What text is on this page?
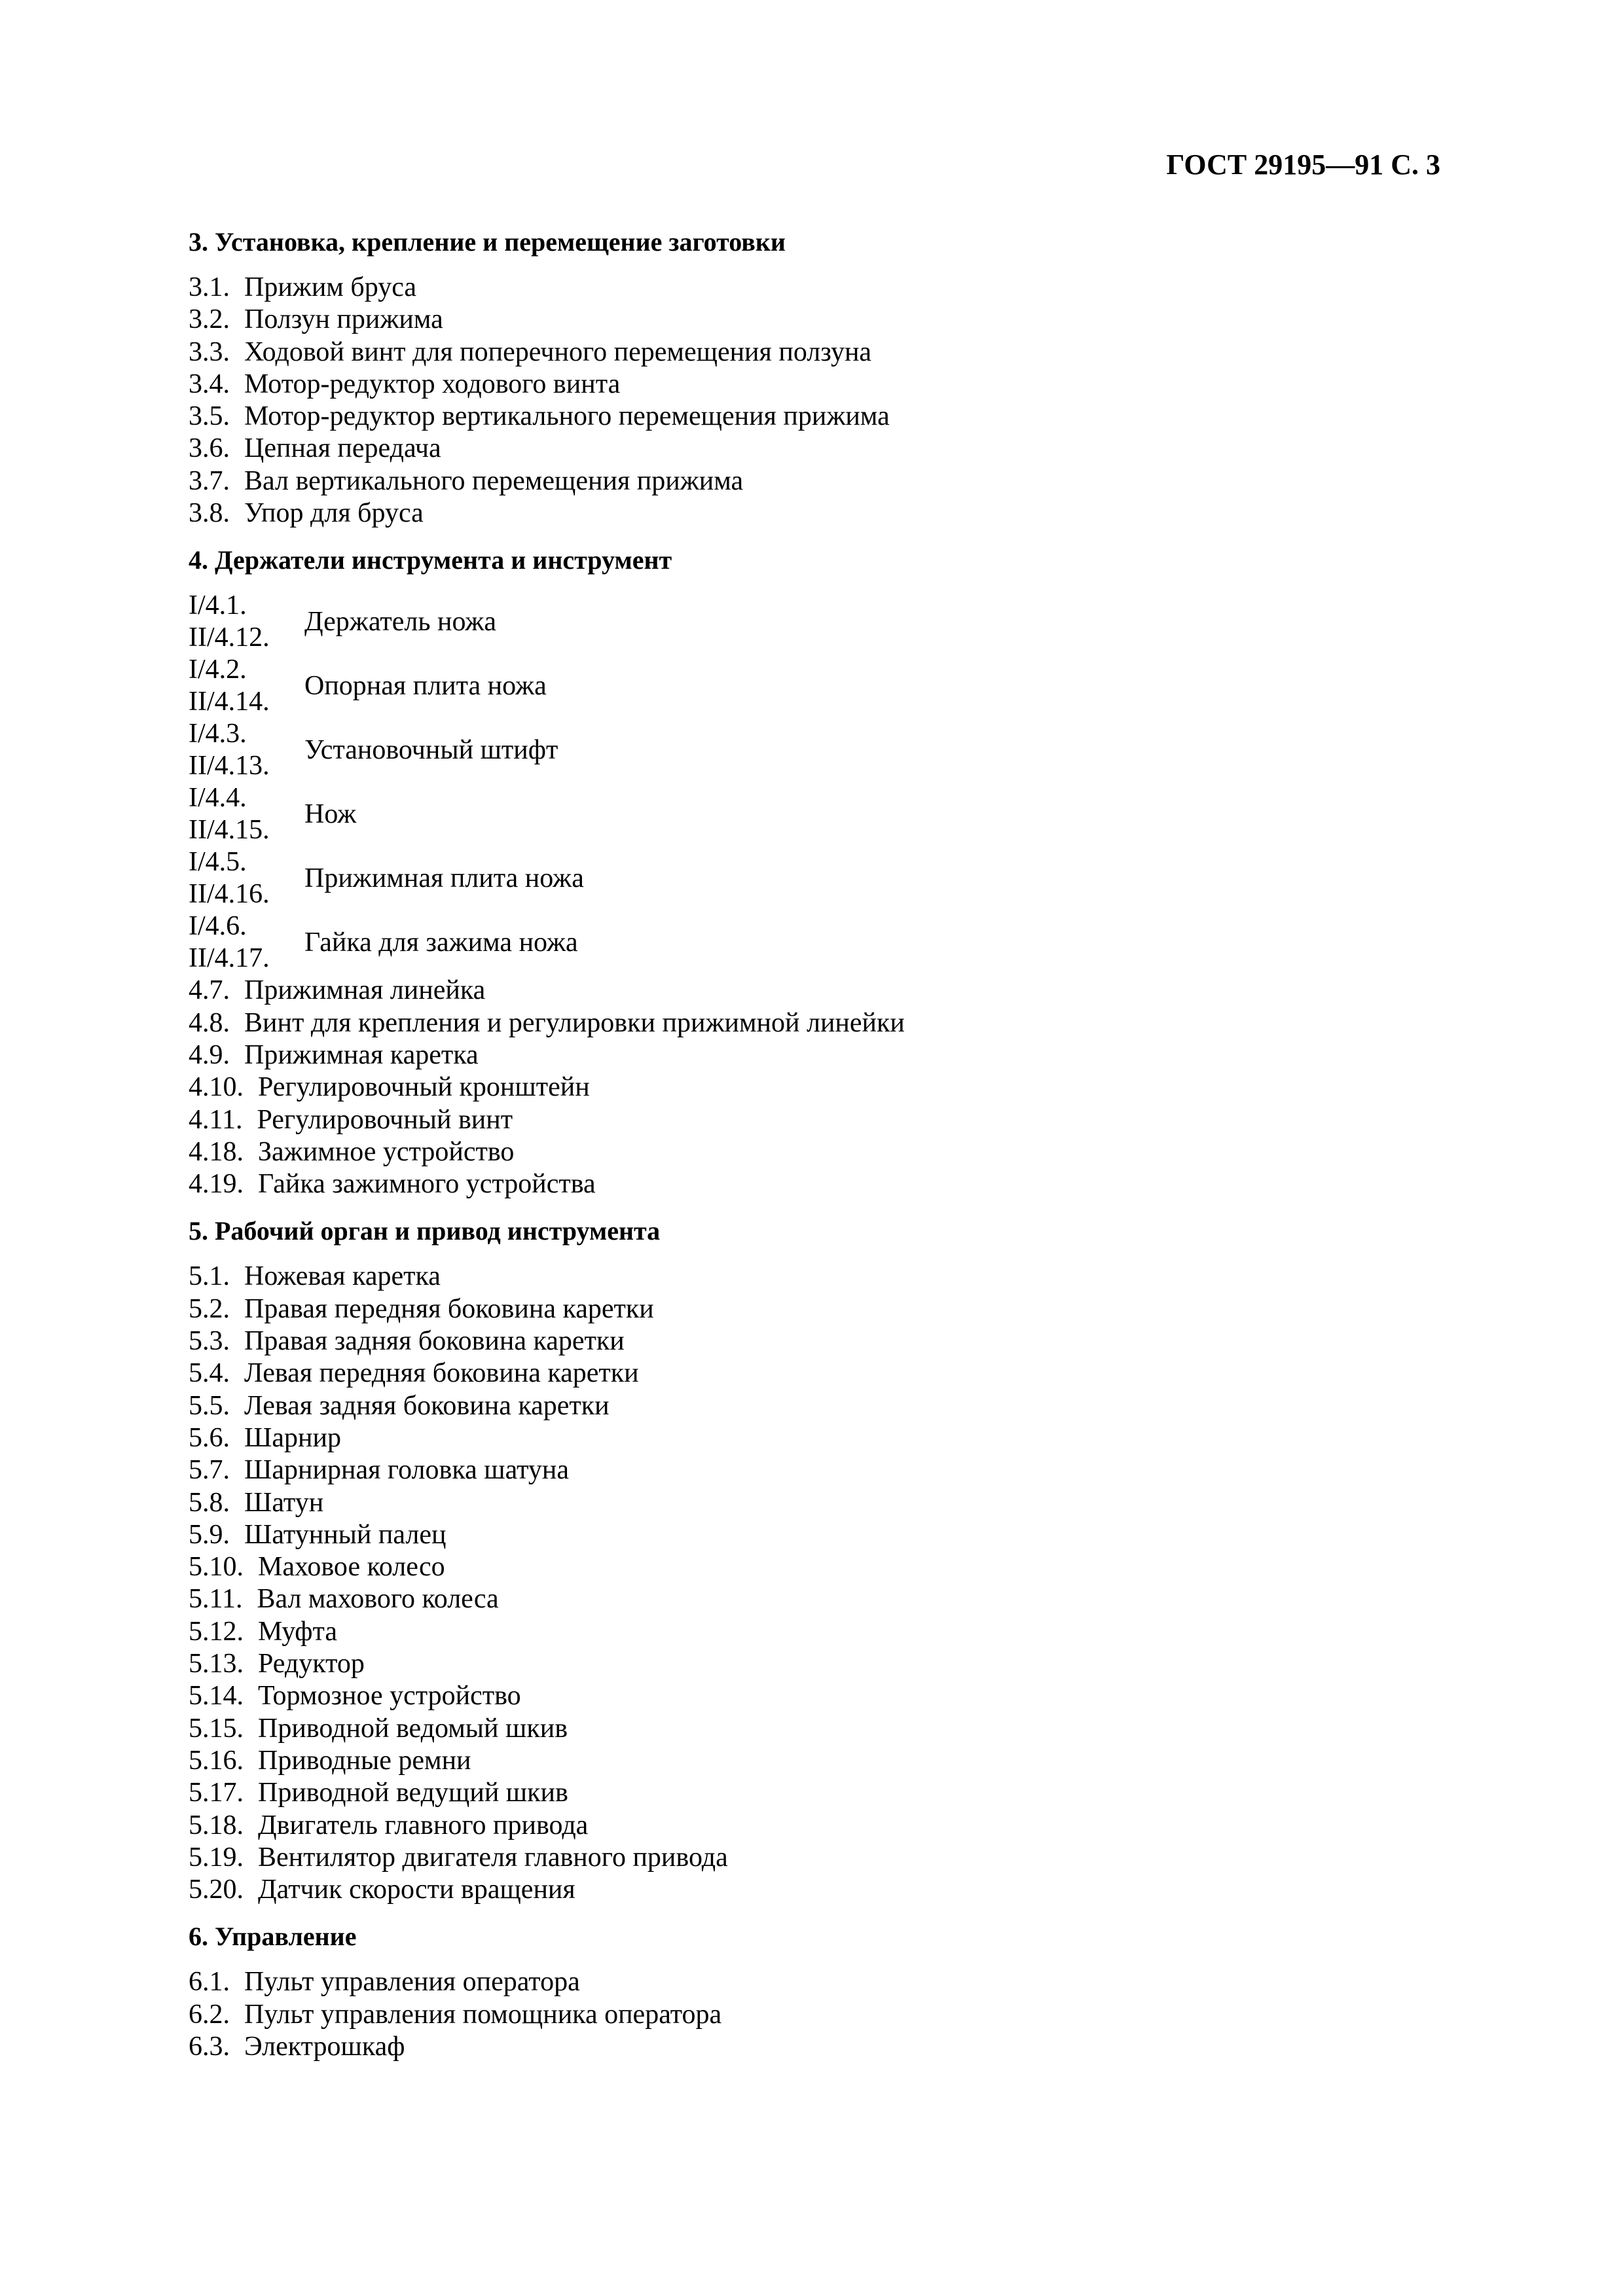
ГОСТ 29195—91 С. 3
3. Установка, крепление и перемещение заготовки
3.1. Прижим бруса
3.2. Ползун прижима
3.3. Ходовой винт для поперечного перемещения ползуна
3.4. Мотор-редуктор ходового винта
3.5. Мотор-редуктор вертикального перемещения прижима
3.6. Цепная передача
3.7. Вал вертикального перемещения прижима
3.8. Упор для бруса
4. Держатели инструмента и инструмент
I/4.1.
II/4.12.
Держатель ножа
I/4.2.
II/4.14.
Опорная плита ножа
I/4.3.
II/4.13.
Установочный штифт
I/4.4.
II/4.15.
Нож
I/4.5.
II/4.16.
Прижимная плита ножа
I/4.6.
II/4.17.
Гайка для зажима ножа
4.7. Прижимная линейка
4.8. Винт для крепления и регулировки прижимной линейки
4.9. Прижимная каретка
4.10. Регулировочный кронштейн
4.11. Регулировочный винт
4.18. Зажимное устройство
4.19. Гайка зажимного устройства
5. Рабочий орган и привод инструмента
5.1. Ножевая каретка
5.2. Правая передняя боковина каретки
5.3. Правая задняя боковина каретки
5.4. Левая передняя боковина каретки
5.5. Левая задняя боковина каретки
5.6. Шарнир
5.7. Шарнирная головка шатуна
5.8. Шатун
5.9. Шатунный палец
5.10. Маховое колесо
5.11. Вал махового колеса
5.12. Муфта
5.13. Редуктор
5.14. Тормозное устройство
5.15. Приводной ведомый шкив
5.16. Приводные ремни
5.17. Приводной ведущий шкив
5.18. Двигатель главного привода
5.19. Вентилятор двигателя главного привода
5.20. Датчик скорости вращения
6. Управление
6.1. Пульт управления оператора
6.2. Пульт управления помощника оператора
6.3. Электрошкаф
